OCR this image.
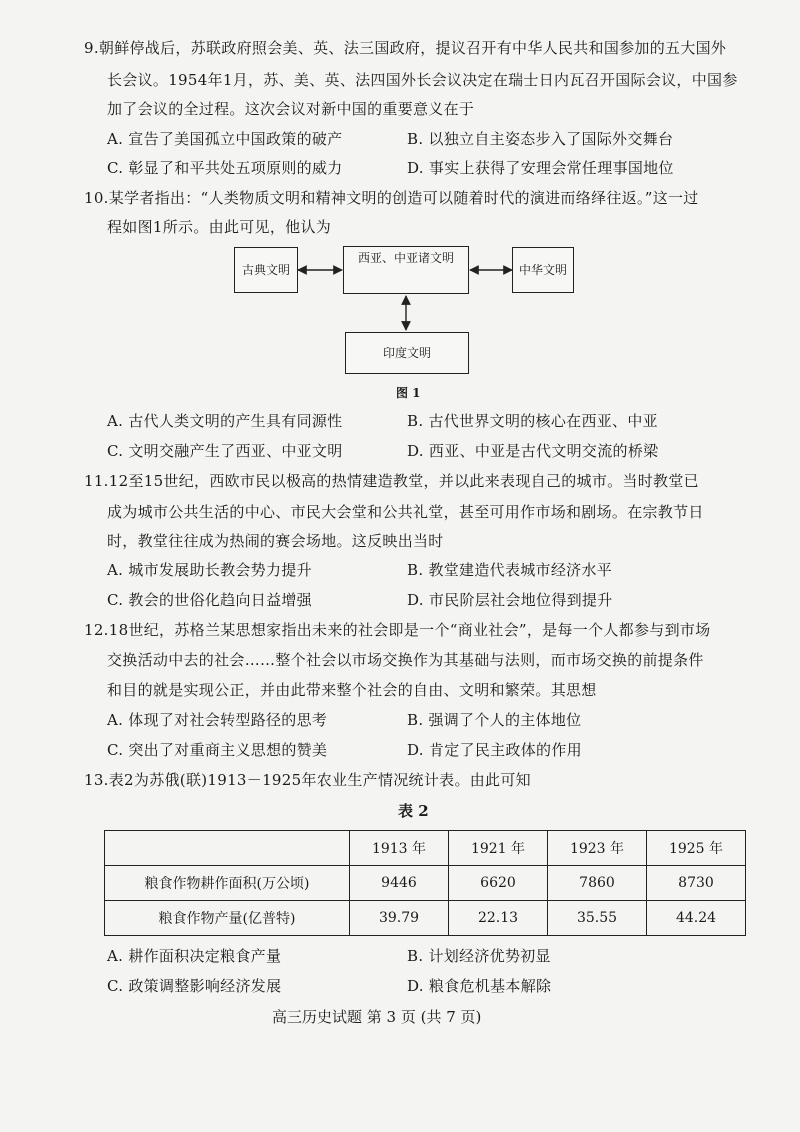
9.朝鲜停战后，苏联政府照会美、英、法三国政府，提议召开有中华人民共和国参加的五大国外
长会议。1954年1月，苏、美、英、法四国外长会议决定在瑞士日内瓦召开国际会议，中国参
加了会议的全过程。这次会议对新中国的重要意义在于
A. 宣告了美国孤立中国政策的破产	B. 以独立自主姿态步入了国际外交舞台
C. 彰显了和平共处五项原则的威力	D. 事实上获得了安理会常任理事国地位
10.某学者指出：“人类物质文明和精神文明的创造可以随着时代的演进而络绎往返。”这一过
程如图1所示。由此可见，他认为
古典文明
西亚、中亚诸文明
中华文明
印度文明
图 1
A. 古代人类文明的产生具有同源性	B. 古代世界文明的核心在西亚、中亚
C. 文明交融产生了西亚、中亚文明	D. 西亚、中亚是古代文明交流的桥梁
11.12至15世纪，西欧市民以极高的热情建造教堂，并以此来表现自己的城市。当时教堂已
成为城市公共生活的中心、市民大会堂和公共礼堂，甚至可用作市场和剧场。在宗教节日
时，教堂往往成为热闹的赛会场地。这反映出当时
A. 城市发展助长教会势力提升	B. 教堂建造代表城市经济水平
C. 教会的世俗化趋向日益增强	D. 市民阶层社会地位得到提升
12.18世纪，苏格兰某思想家指出未来的社会即是一个“商业社会”，是每一个人都参与到市场
交换活动中去的社会……整个社会以市场交换作为其基础与法则，而市场交换的前提条件
和目的就是实现公正，并由此带来整个社会的自由、文明和繁荣。其思想
A. 体现了对社会转型路径的思考	B. 强调了个人的主体地位
C. 突出了对重商主义思想的赞美	D. 肯定了民主政体的作用
13.表2为苏俄(联)1913－1925年农业生产情况统计表。由此可知
表 2
	1913 年	1921 年	1923 年	1925 年
粮食作物耕作面积(万公顷)	9446	6620	7860	8730
粮食作物产量(亿普特)	39.79	22.13	35.55	44.24
A. 耕作面积决定粮食产量	B. 计划经济优势初显
C. 政策调整影响经济发展	D. 粮食危机基本解除
高三历史试题 第 3 页 (共 7 页)
